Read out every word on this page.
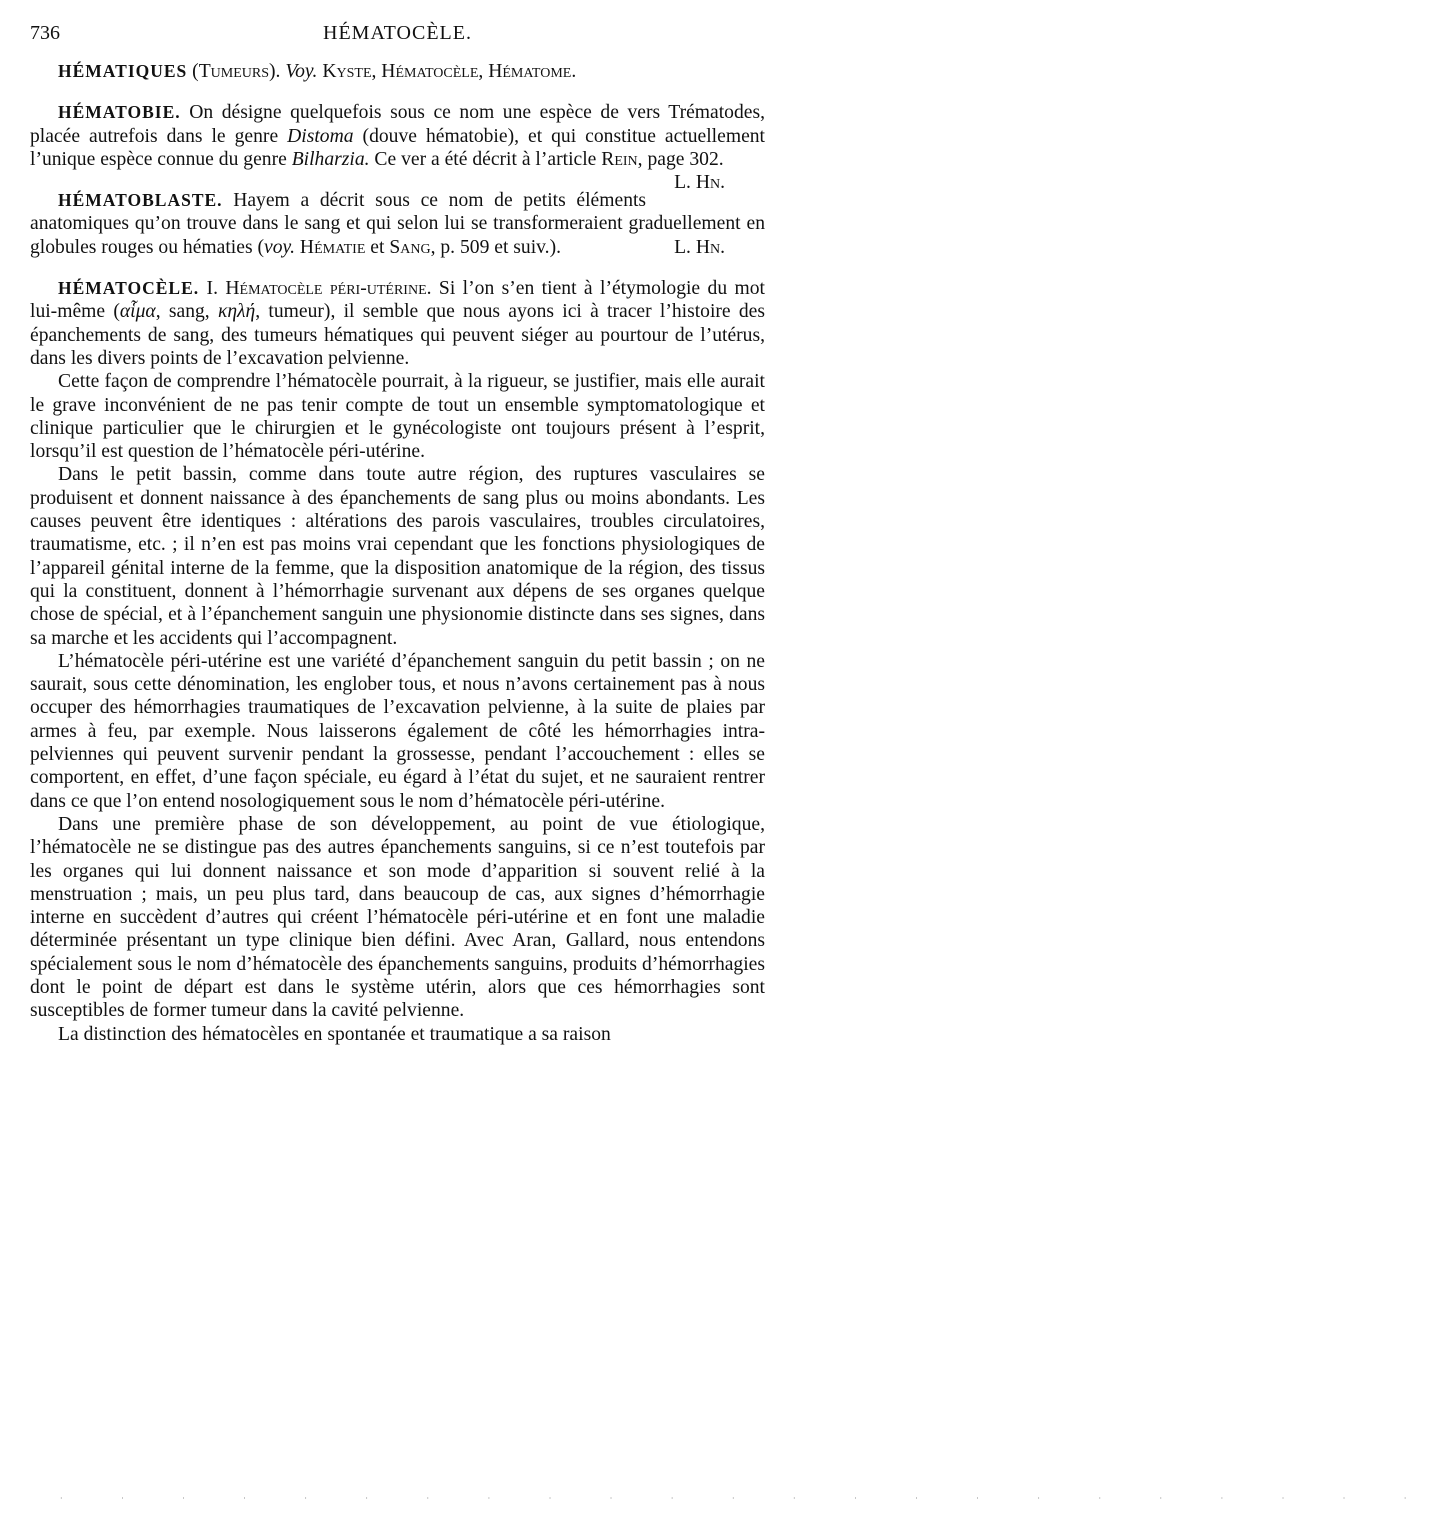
736	HÉMATOCÈLE.

HÉMATIQUES (Tumeurs). Voy. Kyste, Hématocèle, Hématome.

HÉMATOBIE. On désigne quelquefois sous ce nom une espèce de vers Trématodes, placée autrefois dans le genre Distoma (douve hématobie), et qui constitue actuellement l’unique espèce connue du genre Bilharzia. Ce ver a été décrit à l’article Rein, page 302.
L. Hn.

HÉMATOBLASTE. Hayem a décrit sous ce nom de petits éléments anatomiques qu’on trouve dans le sang et qui selon lui se transformeraient graduellement en globules rouges ou hématies (voy. Hématie et Sang, p. 509 et suiv.).	L. Hn.

HÉMATOCÈLE. I. Hématocèle péri-utérine. Si l’on s’en tient à l’étymologie du mot lui-même (αἷμα, sang, κηλή, tumeur), il semble que nous ayons ici à tracer l’histoire des épanchements de sang, des tumeurs hématiques qui peuvent siéger au pourtour de l’utérus, dans les divers points de l’excavation pelvienne.

Cette façon de comprendre l’hématocèle pourrait, à la rigueur, se justifier, mais elle aurait le grave inconvénient de ne pas tenir compte de tout un ensemble symptomatologique et clinique particulier que le chirurgien et le gynécologiste ont toujours présent à l’esprit, lorsqu’il est question de l’hématocèle péri-utérine.

Dans le petit bassin, comme dans toute autre région, des ruptures vasculaires se produisent et donnent naissance à des épanchements de sang plus ou moins abondants. Les causes peuvent être identiques : altérations des parois vasculaires, troubles circulatoires, traumatisme, etc. ; il n’en est pas moins vrai cependant que les fonctions physiologiques de l’appareil génital interne de la femme, que la disposition anatomique de la région, des tissus qui la constituent, donnent à l’hémorrhagie survenant aux dépens de ses organes quelque chose de spécial, et à l’épanchement sanguin une physionomie distincte dans ses signes, dans sa marche et les accidents qui l’accompagnent.

L’hématocèle péri-utérine est une variété d’épanchement sanguin du petit bassin ; on ne saurait, sous cette dénomination, les englober tous, et nous n’avons certainement pas à nous occuper des hémorrhagies traumatiques de l’excavation pelvienne, à la suite de plaies par armes à feu, par exemple. Nous laisserons également de côté les hémorrhagies intra-pelviennes qui peuvent survenir pendant la grossesse, pendant l’accouchement : elles se comportent, en effet, d’une façon spéciale, eu égard à l’état du sujet, et ne sauraient rentrer dans ce que l’on entend nosologiquement sous le nom d’hématocèle péri-utérine.

Dans une première phase de son développement, au point de vue étiologique, l’hématocèle ne se distingue pas des autres épanchements sanguins, si ce n’est toutefois par les organes qui lui donnent naissance et son mode d’apparition si souvent relié à la menstruation ; mais, un peu plus tard, dans beaucoup de cas, aux signes d’hémorrhagie interne en succèdent d’autres qui créent l’hématocèle péri-utérine et en font une maladie déterminée présentant un type clinique bien défini. Avec Aran, Gallard, nous entendons spécialement sous le nom d’hématocèle des épanchements sanguins, produits d’hémorrhagies dont le point de départ est dans le système utérin, alors que ces hémorrhagies sont susceptibles de former tumeur dans la cavité pelvienne.

La distinction des hématocèles en spontanée et traumatique a sa raison

· · · · · · · · · · · · · · · · · · · · · · ·
